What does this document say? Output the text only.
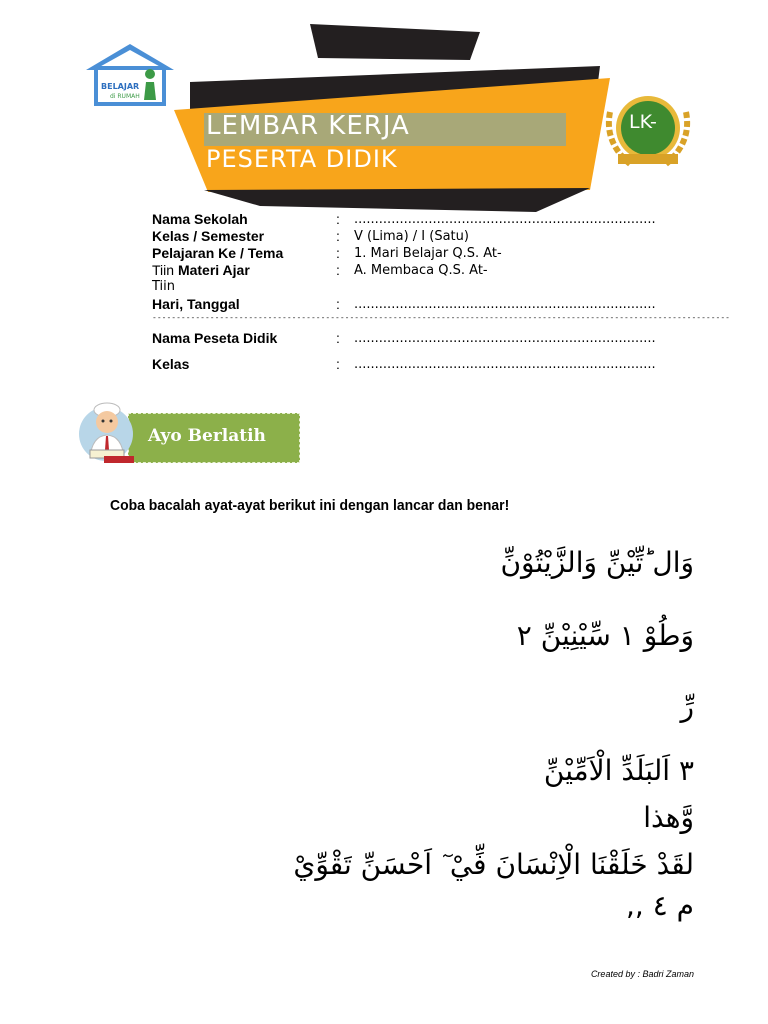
BELAJAR
di RUMAH
LEMBAR KERJA
PESERTA DIDIK
LK-
Nama Sekolah	: .........................................................................
Kelas / Semester	: V (Lima) / I (Satu)
Pelajaran Ke / Tema	: 1. Mari Belajar Q.S. At-
Tiin Materi Ajar	: A. Membaca Q.S. At-
Tiin
Hari, Tanggal	: .........................................................................
------------------------------------------------------------------------------------------------------------------------
Nama Peseta Didik	: .........................................................................
Kelas	: .........................................................................
Ayo Berlatih
Coba bacalah ayat-ayat berikut ini dengan lancar dan benar!
وَال ؕتِّيْنِّ وَالزَّيْتُوْنِّ
وَطُوْ ١ سِّيْنِيْنِّ ٢
رِّ
٣ اَلبَلَدِّ الْاَمِّيْنِّ
وَّهذا
لقَدْ خَلَقْنَا الْاِنْسَانَ فِّيْ ٓ اَحْسَنِّ تَقْوِّيْ
م ٤ ,,
Created by : Badri Zaman
